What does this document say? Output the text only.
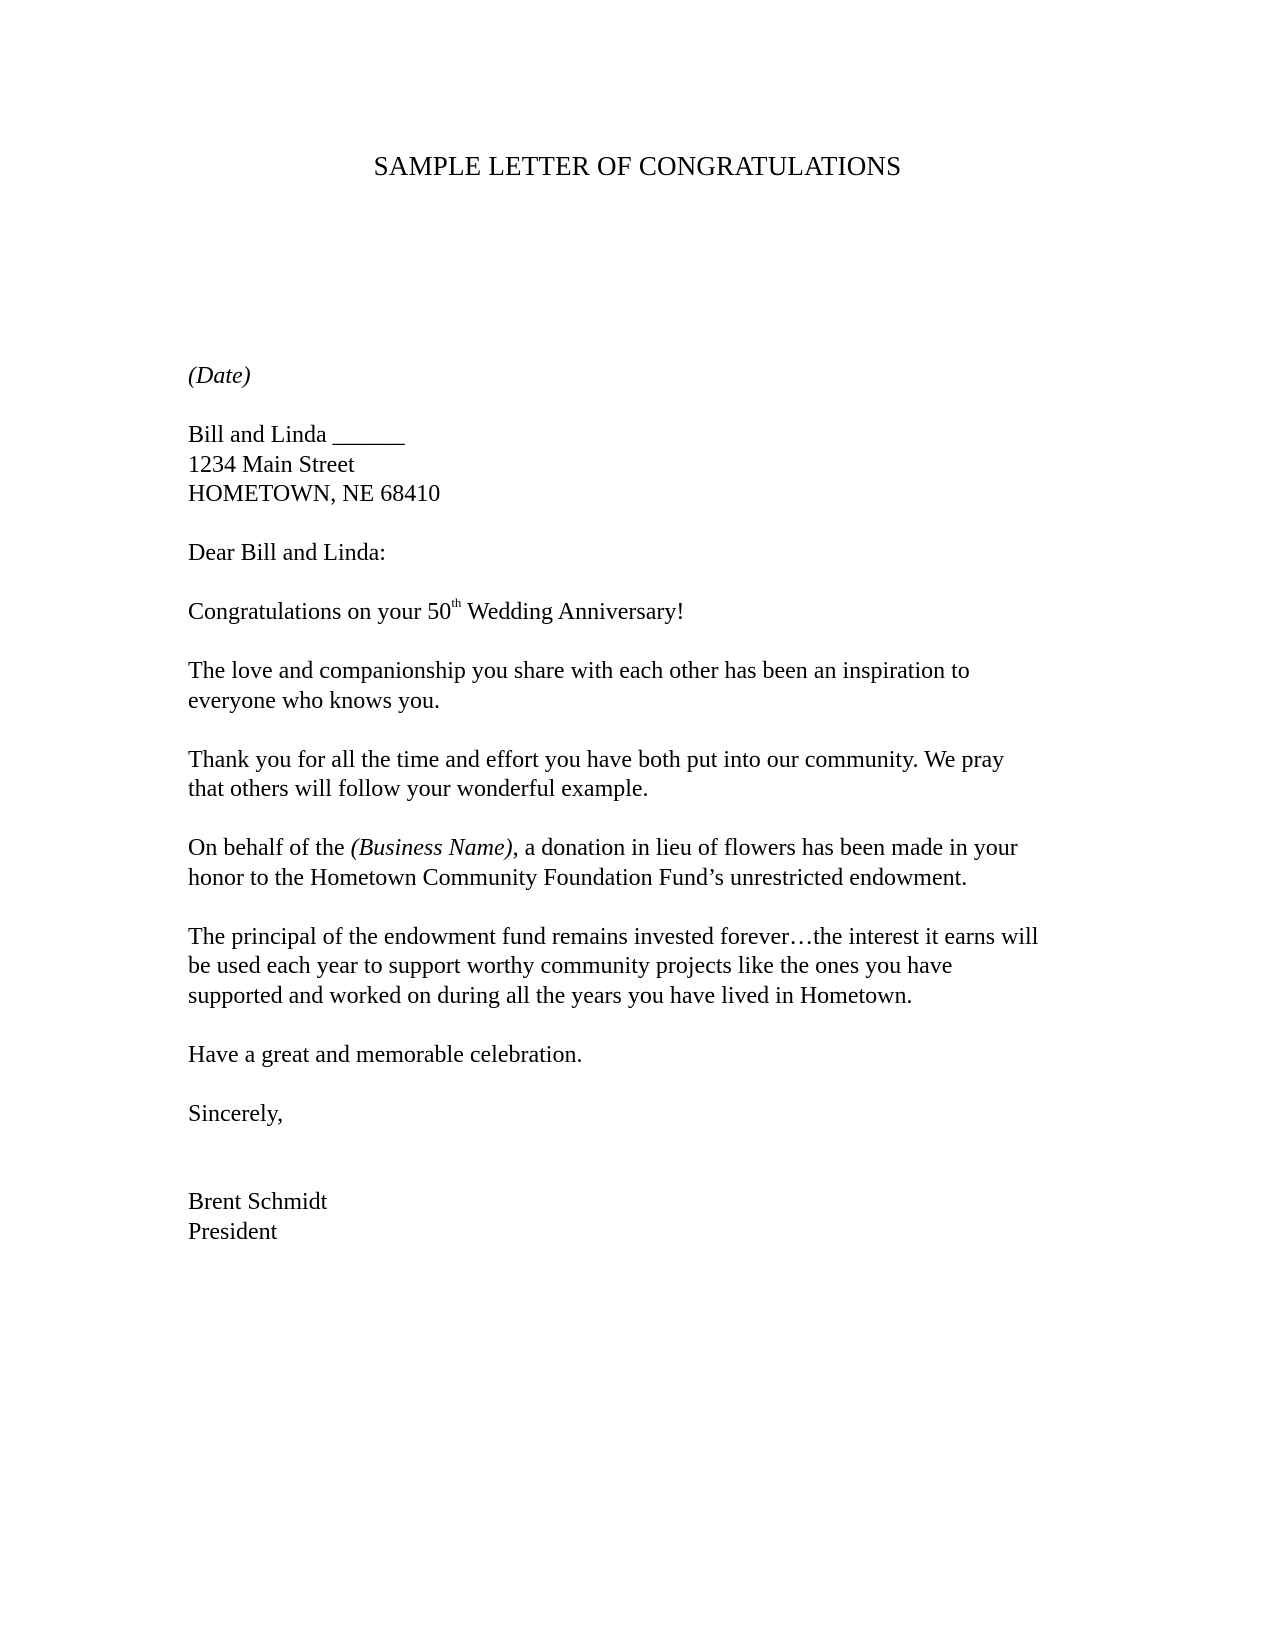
SAMPLE LETTER OF CONGRATULATIONS
(Date)
Bill and Linda ______
1234 Main Street
HOMETOWN, NE 68410
Dear Bill and Linda:
Congratulations on your 50th Wedding Anniversary!
The love and companionship you share with each other has been an inspiration to
everyone who knows you.
Thank you for all the time and effort you have both put into our community. We pray
that others will follow your wonderful example.
On behalf of the (Business Name), a donation in lieu of flowers has been made in your
honor to the Hometown Community Foundation Fund’s unrestricted endowment.
The principal of the endowment fund remains invested forever…the interest it earns will
be used each year to support worthy community projects like the ones you have
supported and worked on during all the years you have lived in Hometown.
Have a great and memorable celebration.
Sincerely,
Brent Schmidt
President
